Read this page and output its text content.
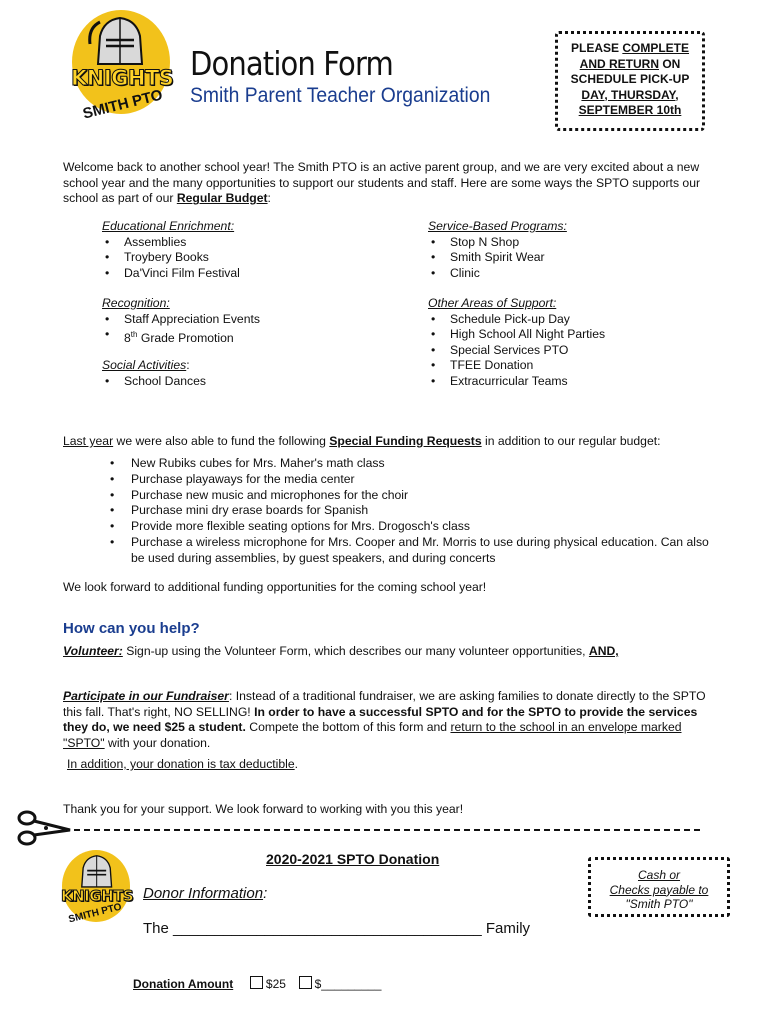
KNIGHTS
SMITH PTO
Donation Form
Smith Parent Teacher Organization
PLEASE COMPLETE
AND RETURN ON
SCHEDULE PICK-UP
DAY, THURSDAY,
SEPTEMBER 10th
Welcome back to another school year! The Smith PTO is an active parent group, and we are very excited about a new school year and the many opportunities to support our students and staff. Here are some ways the SPTO supports our school as part of our Regular Budget:
Educational Enrichment:
• Assemblies
• Troybery Books
• Da'Vinci Film Festival
Recognition:
• Staff Appreciation Events
• 8th Grade Promotion
Social Activities:
• School Dances
Service-Based Programs:
• Stop N Shop
• Smith Spirit Wear
• Clinic
Other Areas of Support:
• Schedule Pick-up Day
• High School All Night Parties
• Special Services PTO
• TFEE Donation
• Extracurricular Teams
Last year we were also able to fund the following Special Funding Requests in addition to our regular budget:
• New Rubiks cubes for Mrs. Maher's math class
• Purchase playaways for the media center
• Purchase new music and microphones for the choir
• Purchase mini dry erase boards for Spanish
• Provide more flexible seating options for Mrs. Drogosch's class
• Purchase a wireless microphone for Mrs. Cooper and Mr. Morris to use during physical education. Can also be used during assemblies, by guest speakers, and during concerts
We look forward to additional funding opportunities for the coming school year!
How can you help?
Volunteer: Sign-up using the Volunteer Form, which describes our many volunteer opportunities, AND,
Participate in our Fundraiser: Instead of a traditional fundraiser, we are asking families to donate directly to the SPTO this fall. That's right, NO SELLING! In order to have a successful SPTO and for the SPTO to provide the services they do, we need $25 a student. Compete the bottom of this form and return to the school in an envelope marked "SPTO" with your donation.
In addition, your donation is tax deductible.
Thank you for your support. We look forward to working with you this year!
KNIGHTS
SMITH PTO
2020-2021 SPTO Donation
Donor Information:
The _____________________________________ Family
Donation Amount	$25 $_________
Cash or
Checks payable to
"Smith PTO"
